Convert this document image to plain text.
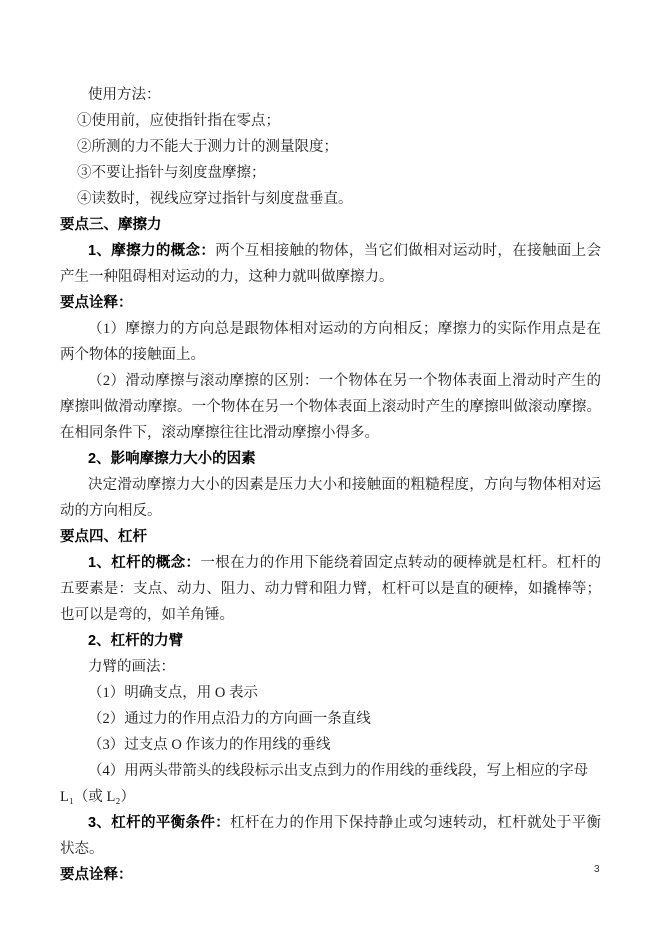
使用方法：

①使用前，应使指针指在零点；

②所测的力不能大于测力计的测量限度；

③不要让指针与刻度盘摩擦；

④读数时，视线应穿过指针与刻度盘垂直。

要点三、摩擦力

1、摩擦力的概念：两个互相接触的物体，当它们做相对运动时，在接触面上会产生一种阻碍相对运动的力，这种力就叫做摩擦力。

要点诠释：

（1）摩擦力的方向总是跟物体相对运动的方向相反；摩擦力的实际作用点是在两个物体的接触面上。

（2）滑动摩擦与滚动摩擦的区别：一个物体在另一个物体表面上滑动时产生的摩擦叫做滑动摩擦。一个物体在另一个物体表面上滚动时产生的摩擦叫做滚动摩擦。在相同条件下，滚动摩擦往往比滑动摩擦小得多。

2、影响摩擦力大小的因素

决定滑动摩擦力大小的因素是压力大小和接触面的粗糙程度，方向与物体相对运动的方向相反。

要点四、杠杆

1、杠杆的概念：一根在力的作用下能绕着固定点转动的硬棒就是杠杆。杠杆的五要素是：支点、动力、阻力、动力臂和阻力臂，杠杆可以是直的硬棒，如撬棒等；也可以是弯的，如羊角锤。

2、杠杆的力臂

力臂的画法：

（1）明确支点，用 O 表示

（2）通过力的作用点沿力的方向画一条直线

（3）过支点 O 作该力的作用线的垂线

（4）用两头带箭头的线段标示出支点到力的作用线的垂线段，写上相应的字母 L₁（或 L₂）

3、杠杆的平衡条件：杠杆在力的作用下保持静止或匀速转动，杠杆就处于平衡状态。

要点诠释：	3
